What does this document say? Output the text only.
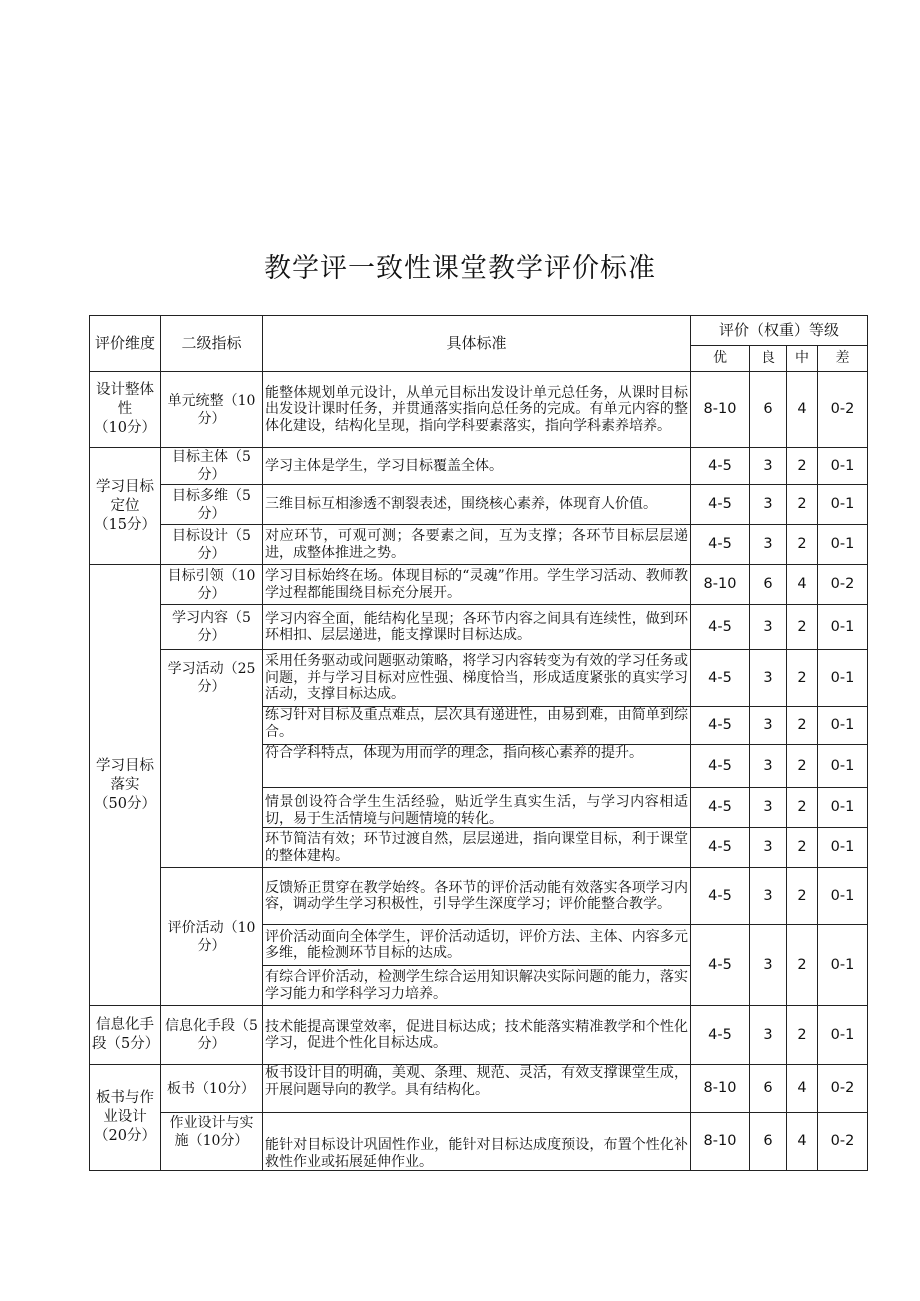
教学评一致性课堂教学评价标准
评价维度	二级指标	具体标准	评价（权重）等级			
			优	良	中	差
设计整体性
（10分）	单元统整（10分）	能整体规划单元设计，从单元目标出发设计单元总任务，从课时目标出发设计课时任务，并贯通落实指向总任务的完成。有单元内容的整体化建设，结构化呈现，指向学科要素落实，指向学科素养培养。	8-10	6	4	0-2
学习目标定位
（15分）	目标主体（5分）	学习主体是学生，学习目标覆盖全体。	4-5	3	2	0-1
	目标多维（5分）	三维目标互相渗透不割裂表述，围绕核心素养，体现育人价值。	4-5	3	2	0-1
	目标设计（5分）	对应环节，可观可测；各要素之间，互为支撑；各环节目标层层递进，成整体推进之势。	4-5	3	2	0-1
学习目标落实
（50分）	目标引领（10分）	学习目标始终在场。体现目标的“灵魂”作用。学生学习活动、教师教学过程都能围绕目标充分展开。	8-10	6	4	0-2
	学习内容（5分）	学习内容全面，能结构化呈现；各环节内容之间具有连续性，做到环环相扣、层层递进，能支撑课时目标达成。	4-5	3	2	0-1
	学习活动（25分）	采用任务驱动或问题驱动策略，将学习内容转变为有效的学习任务或问题，并与学习目标对应性强、梯度恰当，形成适度紧张的真实学习活动，支撑目标达成。	4-5	3	2	0-1
		练习针对目标及重点难点，层次具有递进性，由易到难，由简单到综合。	4-5	3	2	0-1
		符合学科特点，体现为用而学的理念，指向核心素养的提升。	4-5	3	2	0-1
		情景创设符合学生生活经验，贴近学生真实生活，与学习内容相适切，易于生活情境与问题情境的转化。	4-5	3	2	0-1
		环节简洁有效；环节过渡自然，层层递进，指向课堂目标，利于课堂的整体建构。	4-5	3	2	0-1
	评价活动（10分）	反馈矫正贯穿在教学始终。各环节的评价活动能有效落实各项学习内容，调动学生学习积极性，引导学生深度学习；评价能整合教学。	4-5	3	2	0-1
		评价活动面向全体学生，评价活动适切，评价方法、主体、内容多元多维，能检测环节目标的达成。	4-5	3	2	0-1
		有综合评价活动，检测学生综合运用知识解决实际问题的能力，落实学习能力和学科学习力培养。				
信息化手段（5分）	信息化手段（5分）	技术能提高课堂效率，促进目标达成；技术能落实精准教学和个性化学习，促进个性化目标达成。	4-5	3	2	0-1
板书与作业设计（20分）	板书（10分）	板书设计目的明确，美观、条理、规范、灵活，有效支撑课堂生成，开展问题导向的教学。具有结构化。	8-10	6	4	0-2
	作业设计与实施（10分）	能针对目标设计巩固性作业，能针对目标达成度预设，布置个性化补救性作业或拓展延伸作业。	8-10	6	4	0-2
